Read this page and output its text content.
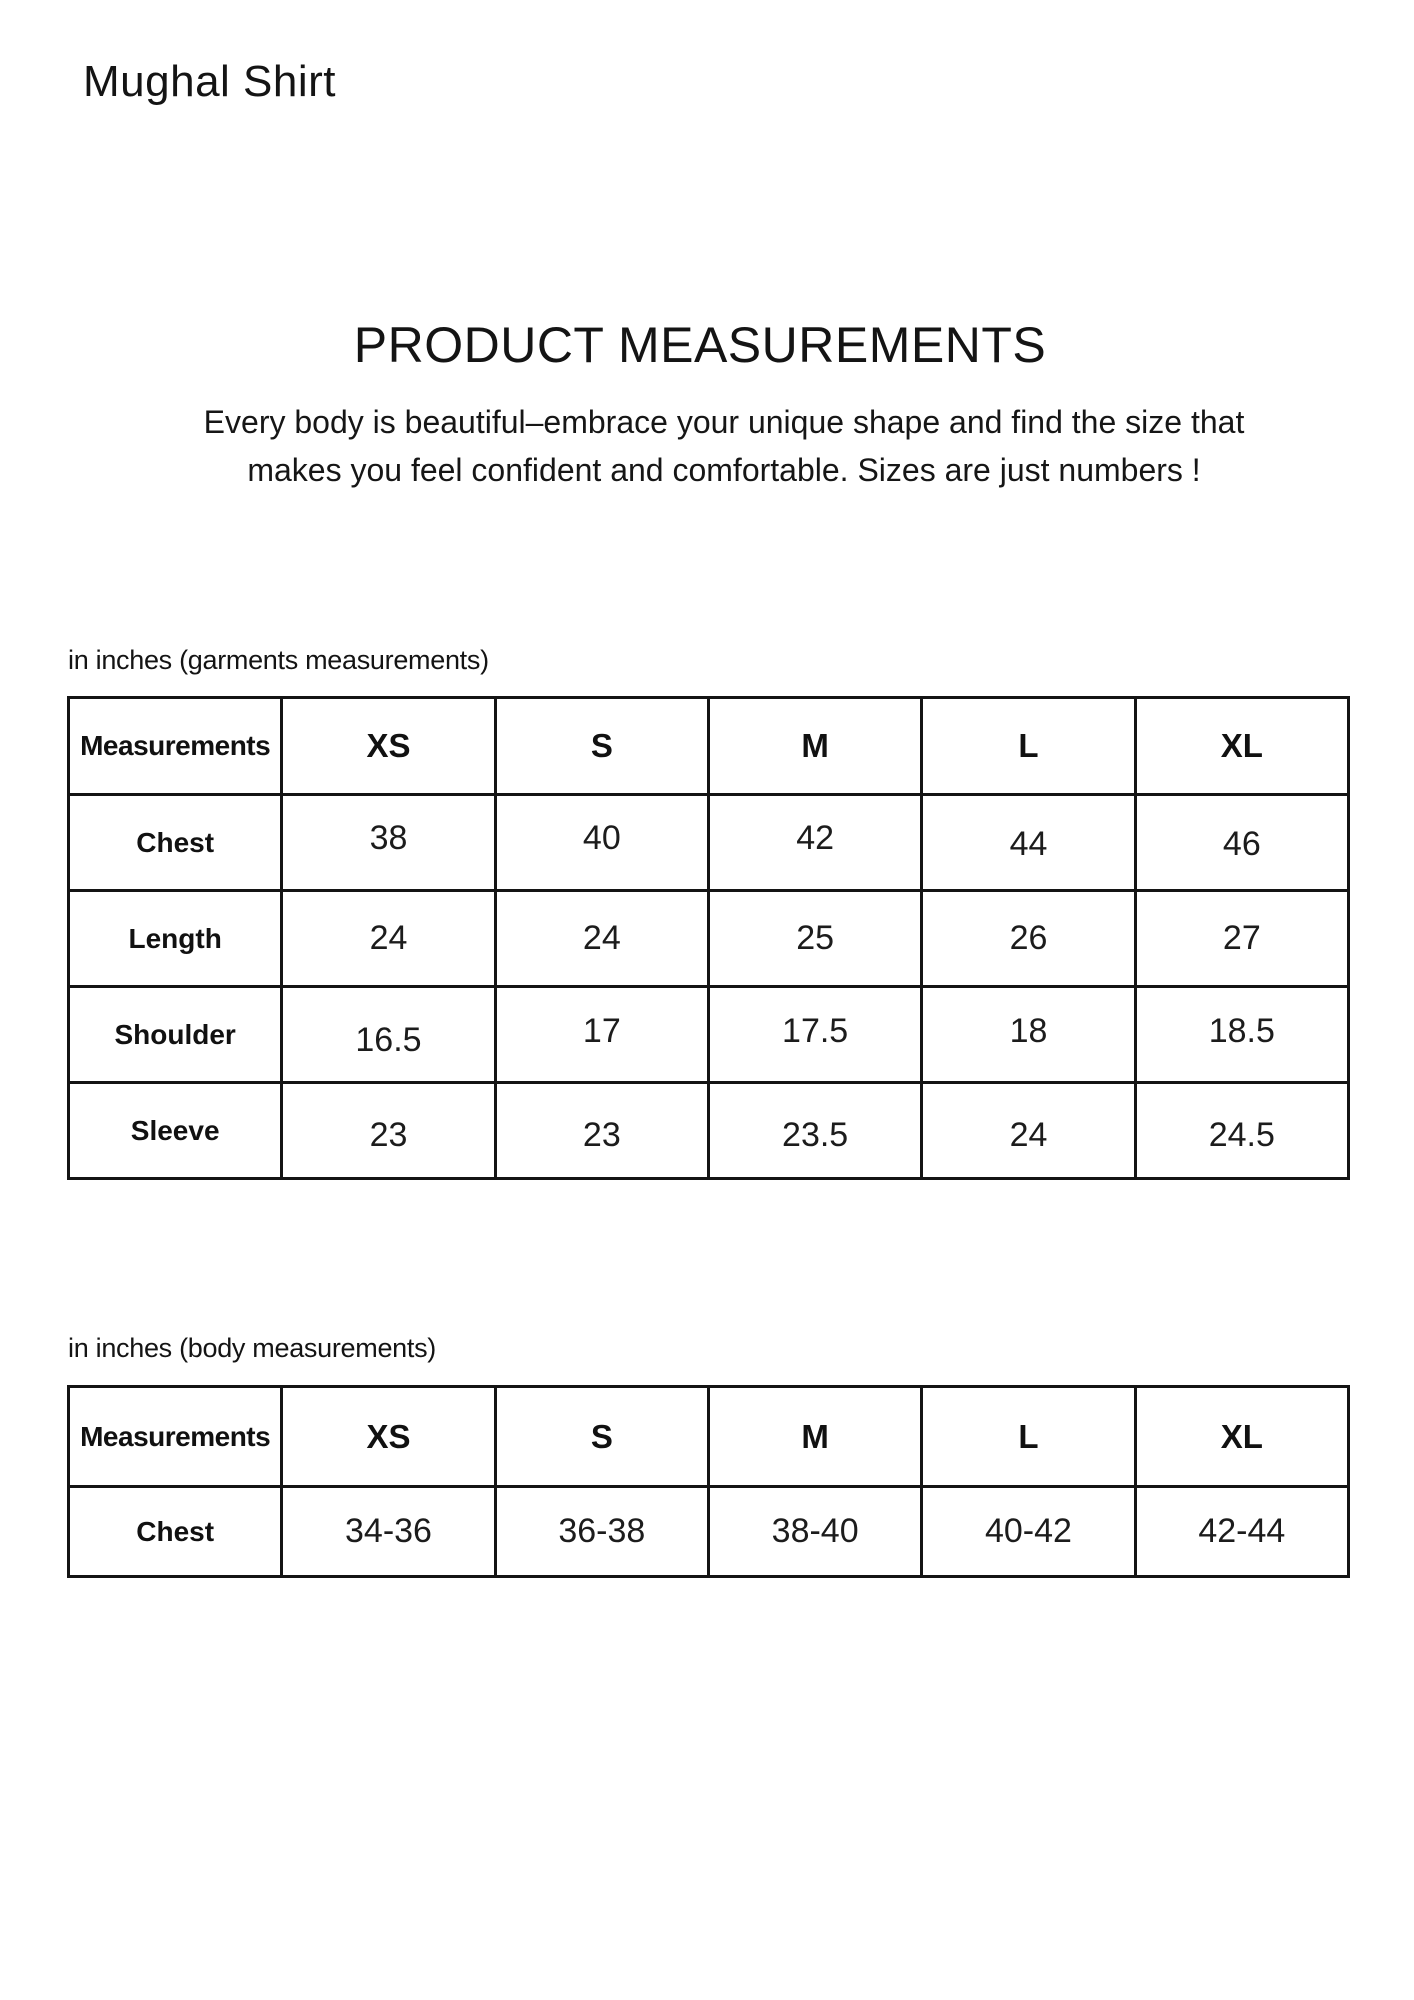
Mughal Shirt
PRODUCT MEASUREMENTS
Every body is beautiful–embrace your unique shape and find the size that
makes you feel confident and comfortable. Sizes are just numbers !
in inches (garments measurements)
Measurements	XS	S	M	L	XL
Chest	38	40	42	44	46
Length	24	24	25	26	27
Shoulder	16.5	17	17.5	18	18.5
Sleeve	23	23	23.5	24	24.5
in inches (body measurements)
Measurements	XS	S	M	L	XL
Chest	34-36	36-38	38-40	40-42	42-44
